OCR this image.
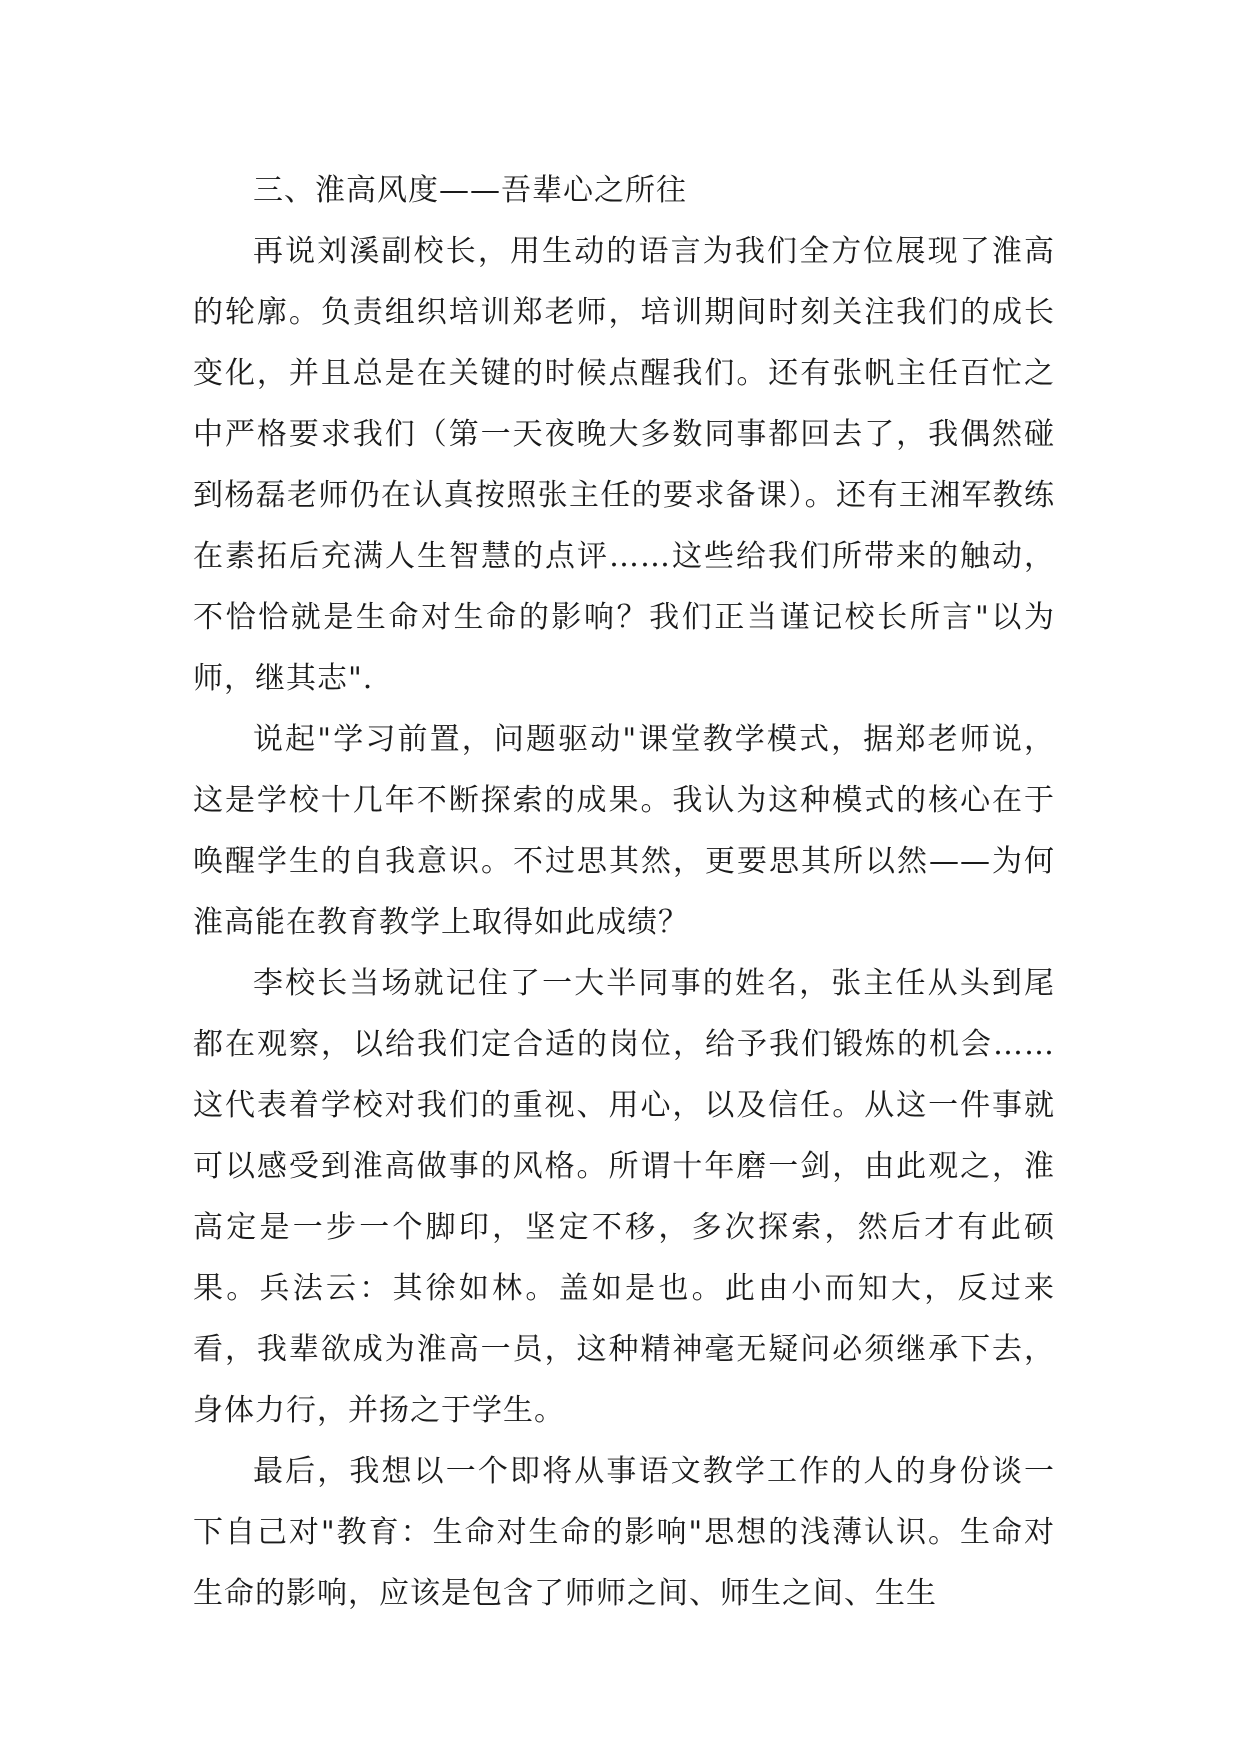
三、淮高风度——吾辈心之所往

再说刘溪副校长，用生动的语言为我们全方位展现了淮高的轮廓。负责组织培训郑老师，培训期间时刻关注我们的成长变化，并且总是在关键的时候点醒我们。还有张帆主任百忙之中严格要求我们（第一天夜晚大多数同事都回去了，我偶然碰到杨磊老师仍在认真按照张主任的要求备课）。还有王湘军教练在素拓后充满人生智慧的点评……这些给我们所带来的触动，不恰恰就是生命对生命的影响？我们正当谨记校长所言"以为师，继其志".

说起"学习前置，问题驱动"课堂教学模式，据郑老师说，这是学校十几年不断探索的成果。我认为这种模式的核心在于唤醒学生的自我意识。不过思其然，更要思其所以然——为何淮高能在教育教学上取得如此成绩？

李校长当场就记住了一大半同事的姓名，张主任从头到尾都在观察，以给我们定合适的岗位，给予我们锻炼的机会……这代表着学校对我们的重视、用心，以及信任。从这一件事就可以感受到淮高做事的风格。所谓十年磨一剑，由此观之，淮高定是一步一个脚印，坚定不移，多次探索，然后才有此硕果。兵法云：其徐如林。盖如是也。此由小而知大，反过来看，我辈欲成为淮高一员，这种精神毫无疑问必须继承下去，身体力行，并扬之于学生。

最后，我想以一个即将从事语文教学工作的人的身份谈一下自己对"教育：生命对生命的影响"思想的浅薄认识。生命对生命的影响，应该是包含了师师之间、师生之间、生生
